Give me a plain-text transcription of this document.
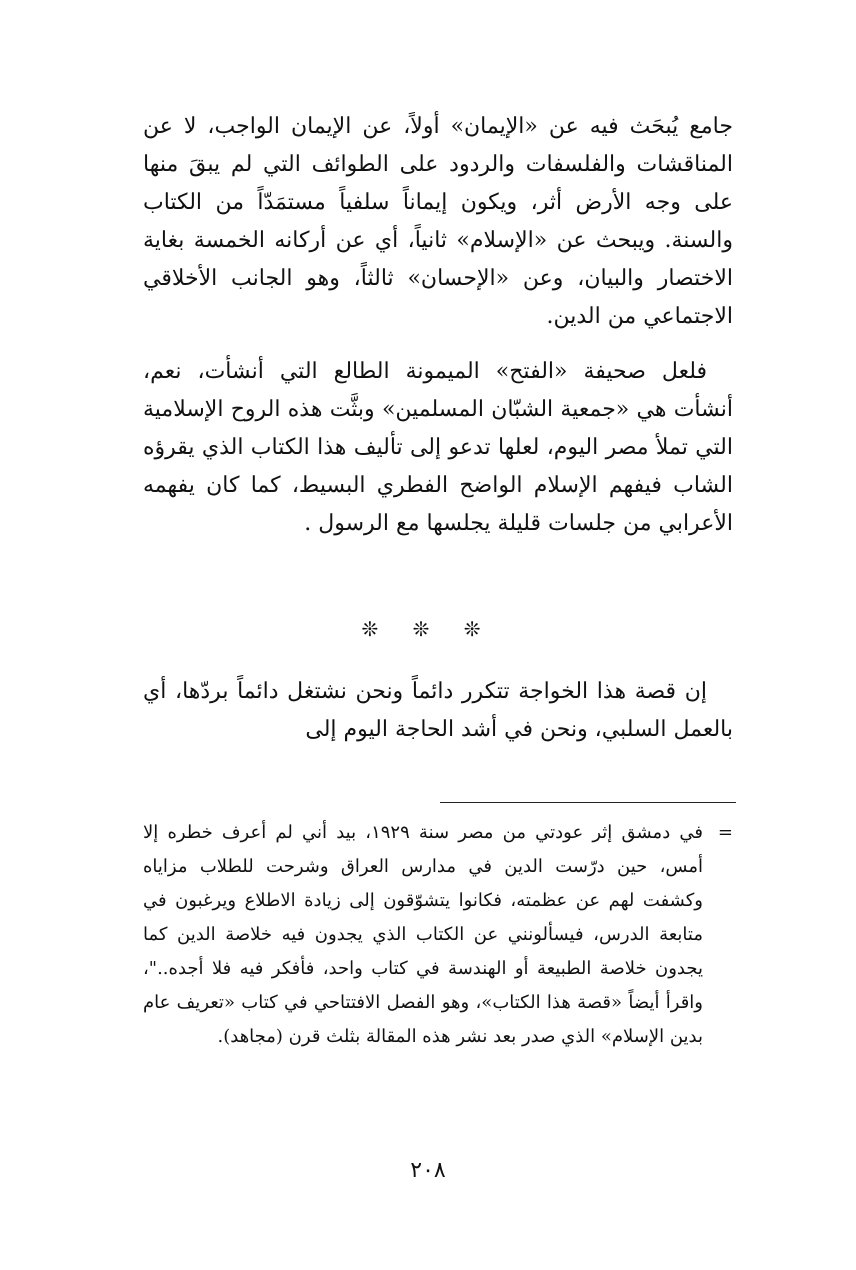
جامع يُبحَث فيه عن «الإيمان» أولاً، عن الإيمان الواجب، لا عن المناقشات والفلسفات والردود على الطوائف التي لم يبقَ منها على وجه الأرض أثر، ويكون إيماناً سلفياً مستمَدّاً من الكتاب والسنة. ويبحث عن «الإسلام» ثانياً، أي عن أركانه الخمسة بغاية الاختصار والبيان، وعن «الإحسان» ثالثاً، وهو الجانب الأخلاقي الاجتماعي من الدين.

فلعل صحيفة «الفتح» الميمونة الطالع التي أنشأت، نعم، أنشأت هي «جمعية الشبّان المسلمين» وبثَّت هذه الروح الإسلامية التي تملأ مصر اليوم، لعلها تدعو إلى تأليف هذا الكتاب الذي يقرؤه الشاب فيفهم الإسلام الواضح الفطري البسيط، كما كان يفهمه الأعرابي من جلسات قليلة يجلسها مع الرسول .

❊ ❊ ❊

إن قصة هذا الخواجة تتكرر دائماً ونحن نشتغل دائماً بردّها، أي بالعمل السلبي، ونحن في أشد الحاجة اليوم إلى

=

في دمشق إثر عودتي من مصر سنة ١٩٢٩، بيد أني لم أعرف خطره إلا أمس، حين درّست الدين في مدارس العراق وشرحت للطلاب مزاياه وكشفت لهم عن عظمته، فكانوا يتشوّقون إلى زيادة الاطلاع ويرغبون في متابعة الدرس، فيسألونني عن الكتاب الذي يجدون فيه خلاصة الدين كما يجدون خلاصة الطبيعة أو الهندسة في كتاب واحد، فأفكر فيه فلا أجده.."، واقرأ أيضاً «قصة هذا الكتاب»، وهو الفصل الافتتاحي في كتاب «تعريف عام بدين الإسلام» الذي صدر بعد نشر هذه المقالة بثلث قرن (مجاهد).

٢٠٨
